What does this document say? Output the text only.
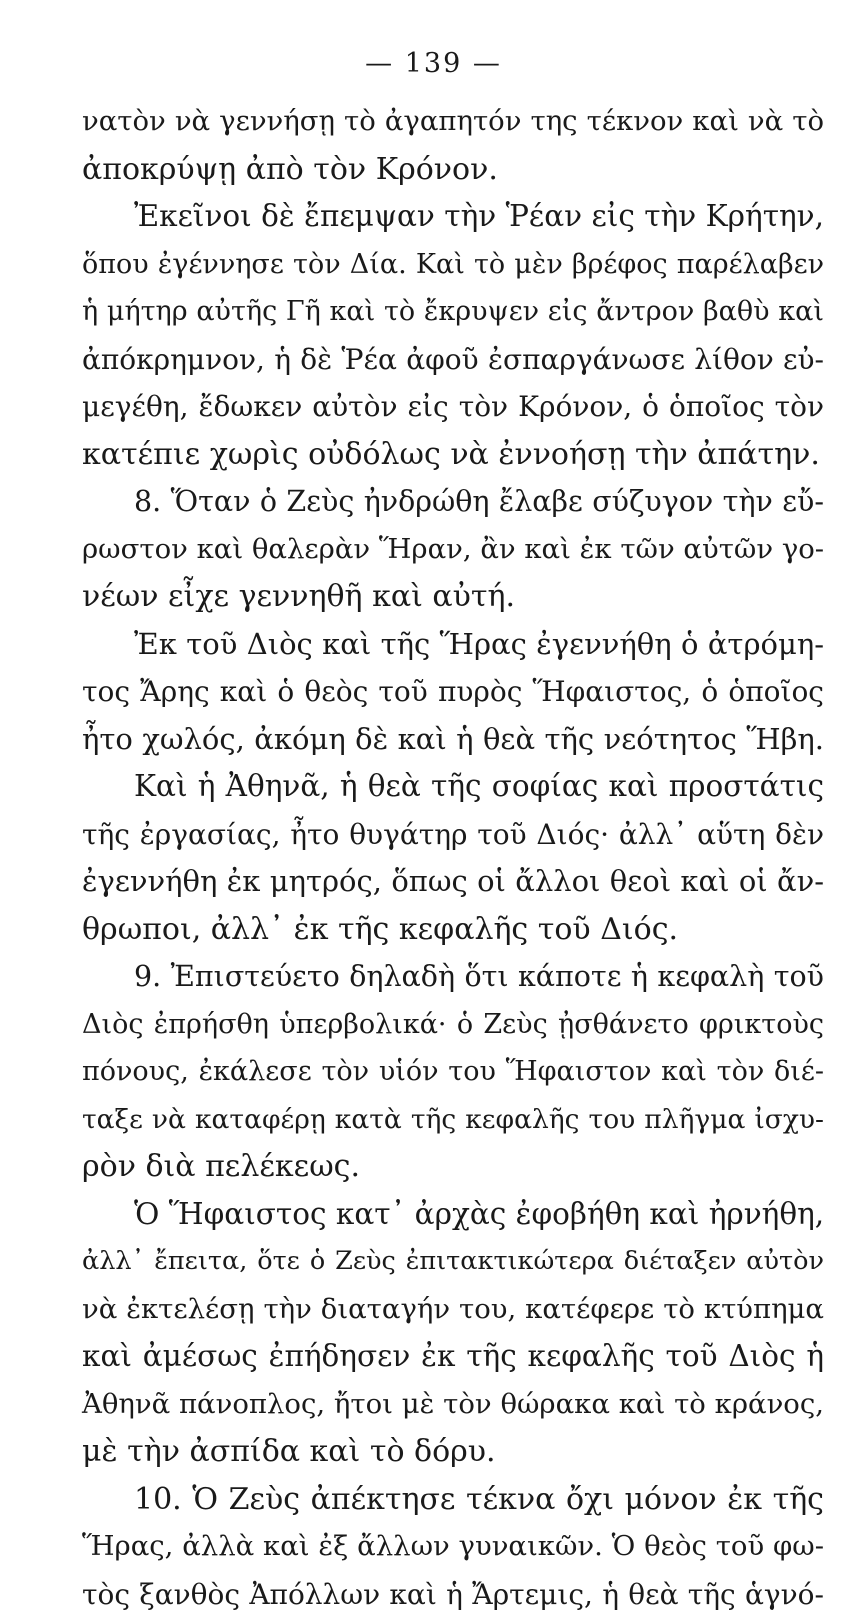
— 139 —
νατὸν νὰ γεννήσῃ τὸ ἀγαπητόν της τέκνον καὶ νὰ τὸ
ἀποκρύψῃ ἀπὸ τὸν Κρόνον.
Ἐκεῖνοι δὲ ἔπεμψαν τὴν Ῥέαν εἰς τὴν Κρήτην,
ὅπου ἐγέννησε τὸν Δία. Καὶ τὸ μὲν βρέφος παρέλαβεν
ἡ μήτηρ αὐτῆς Γῆ καὶ τὸ ἔκρυψεν εἰς ἄντρον βαθὺ καὶ
ἀπόκρημνον, ἡ δὲ Ῥέα ἀφοῦ ἐσπαργάνωσε λίθον εὐ-
μεγέθη, ἔδωκεν αὐτὸν εἰς τὸν Κρόνον, ὁ ὁποῖος τὸν
κατέπιε χωρὶς οὐδόλως νὰ ἐννοήσῃ τὴν ἀπάτην.
8. Ὅταν ὁ Ζεὺς ἠνδρώθη ἔλαβε σύζυγον τὴν εὔ-
ρωστον καὶ θαλερὰν Ἥραν, ἂν καὶ ἐκ τῶν αὐτῶν γο-
νέων εἶχε γεννηθῆ καὶ αὐτή.
Ἐκ τοῦ Διὸς καὶ τῆς Ἥρας ἐγεννήθη ὁ ἀτρόμη-
τος Ἄρης καὶ ὁ θεὸς τοῦ πυρὸς Ἥφαιστος, ὁ ὁποῖος
ἦτο χωλός, ἀκόμη δὲ καὶ ἡ θεὰ τῆς νεότητος Ἥβη.
Καὶ ἡ Ἀθηνᾶ, ἡ θεὰ τῆς σοφίας καὶ προστάτις
τῆς ἐργασίας, ἦτο θυγάτηρ τοῦ Διός· ἀλλ᾽ αὕτη δὲν
ἐγεννήθη ἐκ μητρός, ὅπως οἱ ἄλλοι θεοὶ καὶ οἱ ἄν-
θρωποι, ἀλλ᾽ ἐκ τῆς κεφαλῆς τοῦ Διός.
9. Ἐπιστεύετο δηλαδὴ ὅτι κάποτε ἡ κεφαλὴ τοῦ
Διὸς ἐπρήσθη ὑπερβολικά· ὁ Ζεὺς ᾐσθάνετο φρικτοὺς
πόνους, ἐκάλεσε τὸν υἱόν του Ἥφαιστον καὶ τὸν διέ-
ταξε νὰ καταφέρῃ κατὰ τῆς κεφαλῆς του πλῆγμα ἰσχυ-
ρὸν διὰ πελέκεως.
Ὁ Ἥφαιστος κατ᾽ ἀρχὰς ἐφοβήθη καὶ ἠρνήθη,
ἀλλ᾽ ἔπειτα, ὅτε ὁ Ζεὺς ἐπιτακτικώτερα διέταξεν αὐτὸν
νὰ ἐκτελέσῃ τὴν διαταγήν του, κατέφερε τὸ κτύπημα
καὶ ἀμέσως ἐπήδησεν ἐκ τῆς κεφαλῆς τοῦ Διὸς ἡ
Ἀθηνᾶ πάνοπλος, ἤτοι μὲ τὸν θώρακα καὶ τὸ κράνος,
μὲ τὴν ἀσπίδα καὶ τὸ δόρυ.
10. Ὁ Ζεὺς ἀπέκτησε τέκνα ὄχι μόνον ἐκ τῆς
Ἥρας, ἀλλὰ καὶ ἐξ ἄλλων γυναικῶν. Ὁ θεὸς τοῦ φω-
τὸς ξανθὸς Ἀπόλλων καὶ ἡ Ἄρτεμις, ἡ θεὰ τῆς ἁγνό-
